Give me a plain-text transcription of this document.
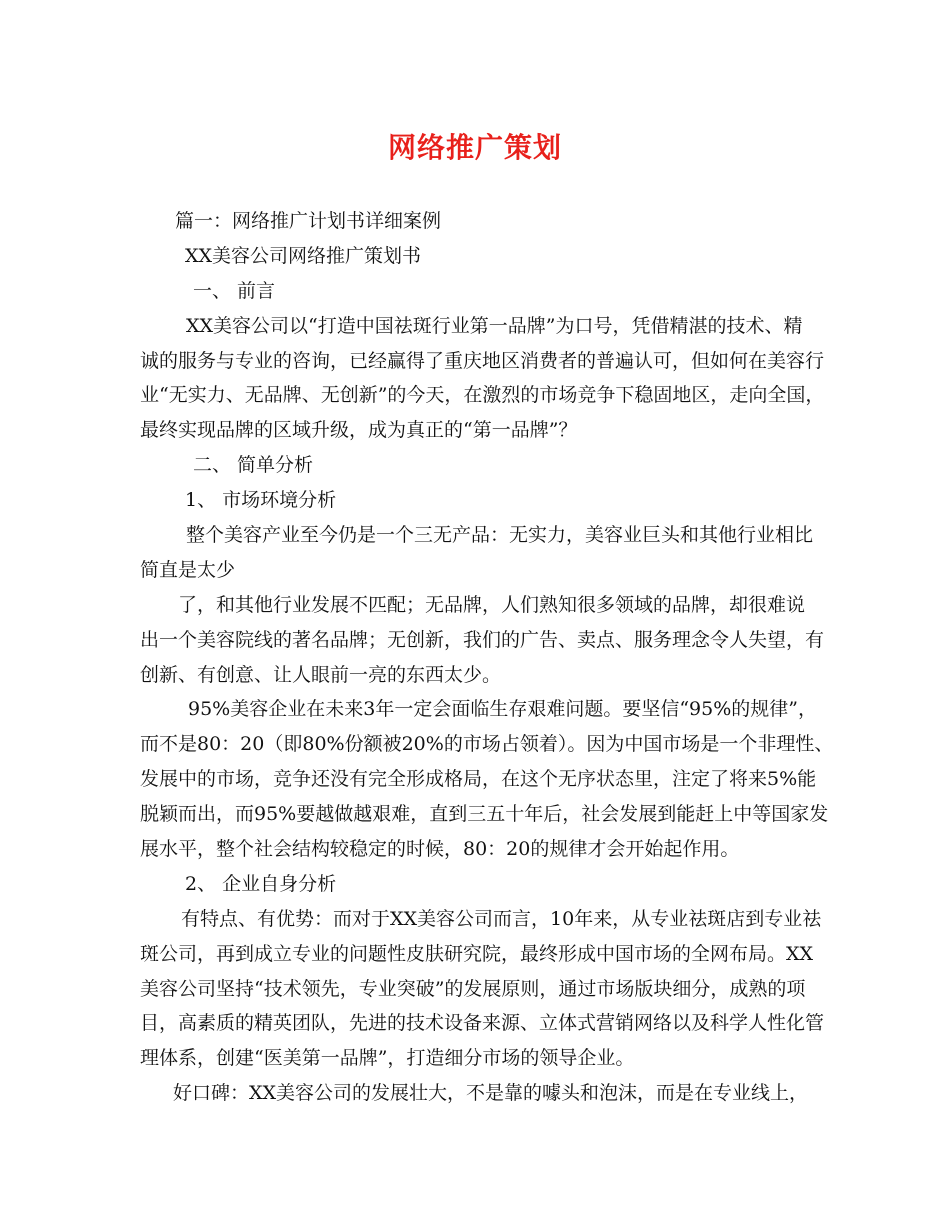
网络推广策划
篇一：网络推广计划书详细案例
XX美容公司网络推广策划书
一、 前言
XX美容公司以“打造中国祛斑行业第一品牌”为口号，凭借精湛的技术、精
诚的服务与专业的咨询，已经赢得了重庆地区消费者的普遍认可，但如何在美容行
业“无实力、无品牌、无创新”的今天，在激烈的市场竞争下稳固地区，走向全国，
最终实现品牌的区域升级，成为真正的“第一品牌”？
二、 简单分析
1、 市场环境分析
整个美容产业至今仍是一个三无产品：无实力，美容业巨头和其他行业相比
简直是太少
了，和其他行业发展不匹配；无品牌，人们熟知很多领域的品牌，却很难说
出一个美容院线的著名品牌；无创新，我们的广告、卖点、服务理念令人失望，有
创新、有创意、让人眼前一亮的东西太少。
95%美容企业在未来3年一定会面临生存艰难问题。要坚信“95%的规律”，
而不是80：20（即80%份额被20%的市场占领着）。因为中国市场是一个非理性、
发展中的市场，竞争还没有完全形成格局，在这个无序状态里，注定了将来5%能
脱颖而出，而95%要越做越艰难，直到三五十年后，社会发展到能赶上中等国家发
展水平，整个社会结构较稳定的时候，80：20的规律才会开始起作用。
2、 企业自身分析
有特点、有优势：而对于XX美容公司而言，10年来，从专业祛斑店到专业祛
斑公司，再到成立专业的问题性皮肤研究院，最终形成中国市场的全网布局。XX
美容公司坚持“技术领先，专业突破”的发展原则，通过市场版块细分，成熟的项
目，高素质的精英团队，先进的技术设备来源、立体式营销网络以及科学人性化管
理体系，创建“医美第一品牌”，打造细分市场的领导企业。
好口碑：XX美容公司的发展壮大，不是靠的噱头和泡沫，而是在专业线上，
